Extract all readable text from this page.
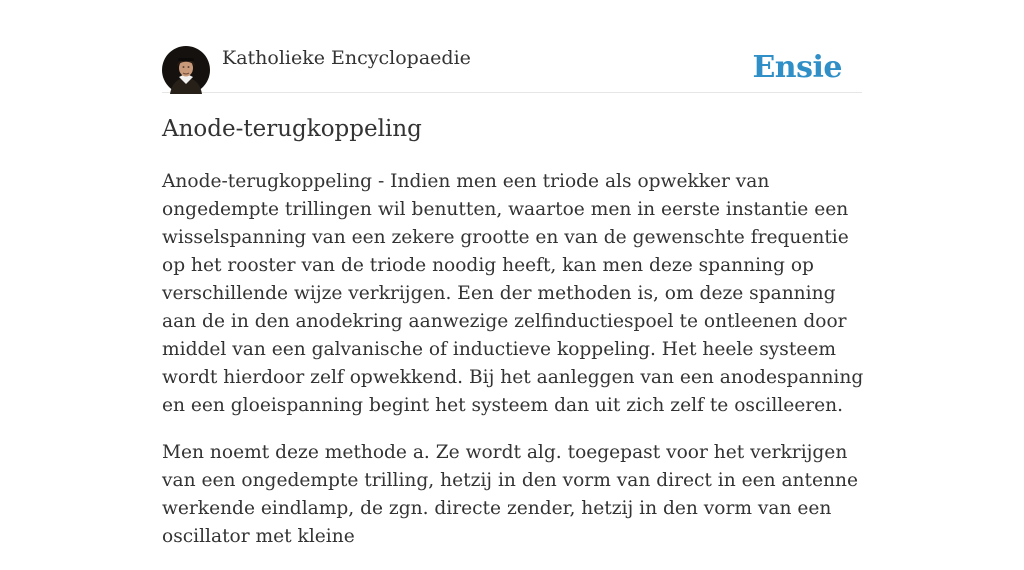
Katholieke Encyclopaedie	Ensie
Anode-terugkoppeling

Anode-terugkoppeling - Indien men een triode als opwekker van ongedempte trillingen wil benutten, waartoe men in eerste instantie een wisselspanning van een zekere grootte en van de gewenschte frequentie op het rooster van de triode noodig heeft, kan men deze spanning op verschillende wijze verkrijgen. Een der methoden is, om deze spanning aan de in den anodekring aanwezige zelfinductiespoel te ontleenen door middel van een galvanische of inductieve koppeling. Het heele systeem wordt hierdoor zelf opwekkend. Bij het aanleggen van een anodespanning en een gloeispanning begint het systeem dan uit zich zelf te oscilleeren.

Men noemt deze methode a. Ze wordt alg. toegepast voor het verkrijgen van een ongedempte trilling, hetzij in den vorm van direct in een antenne werkende eindlamp, de zgn. directe zender, hetzij in den vorm van een oscillator met kleine
